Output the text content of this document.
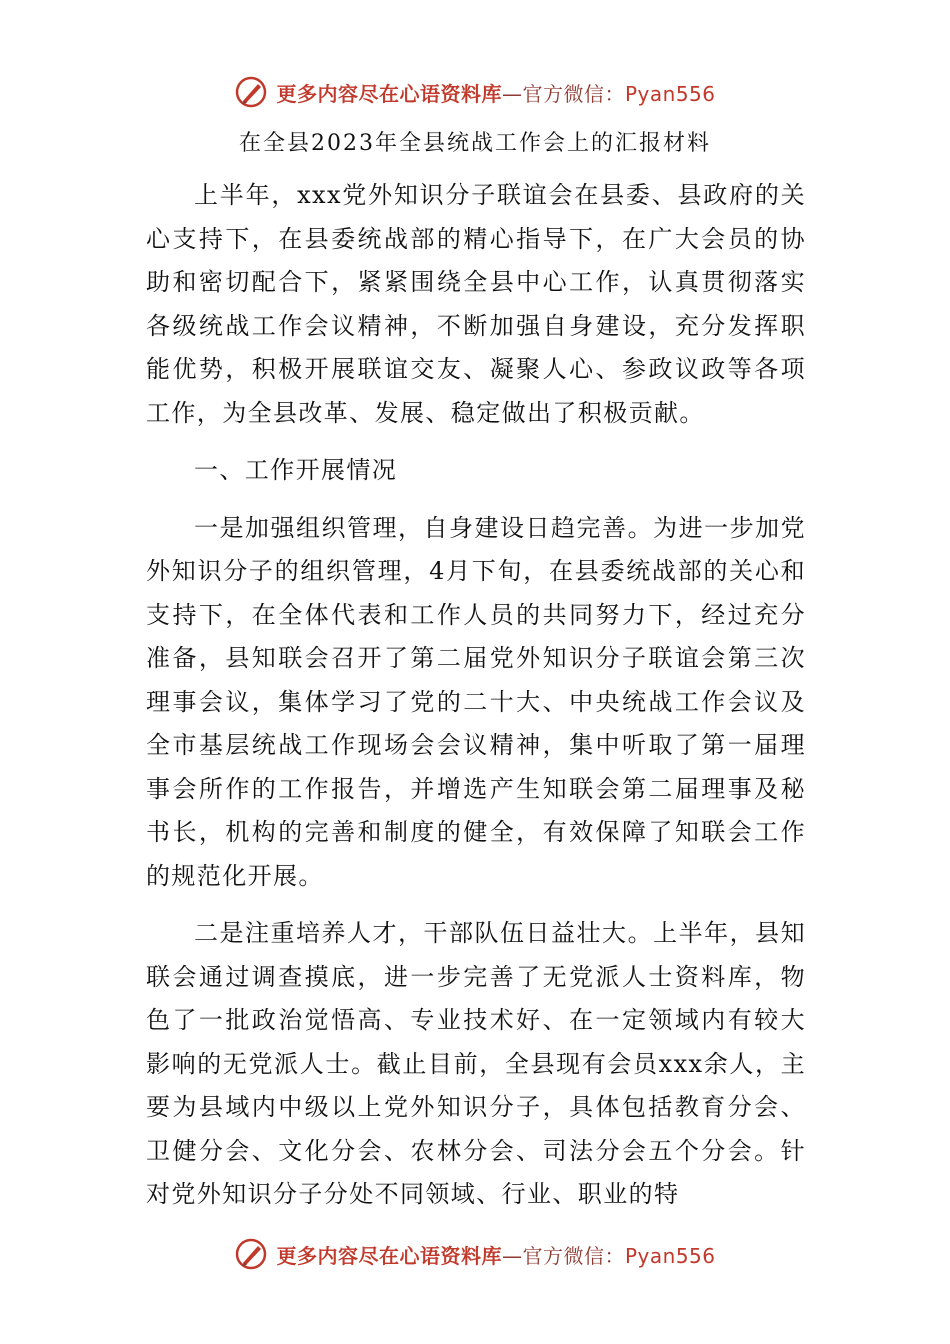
更多内容尽在心语资料库—官方微信：Pyan556
在全县2023年全县统战工作会上的汇报材料

上半年，xxx党外知识分子联谊会在县委、县政府的关心支持下，在县委统战部的精心指导下，在广大会员的协助和密切配合下，紧紧围绕全县中心工作，认真贯彻落实各级统战工作会议精神，不断加强自身建设，充分发挥职能优势，积极开展联谊交友、凝聚人心、参政议政等各项工作，为全县改革、发展、稳定做出了积极贡献。

一、工作开展情况

一是加强组织管理，自身建设日趋完善。为进一步加党外知识分子的组织管理，4月下旬，在县委统战部的关心和支持下，在全体代表和工作人员的共同努力下，经过充分准备，县知联会召开了第二届党外知识分子联谊会第三次理事会议，集体学习了党的二十大、中央统战工作会议及全市基层统战工作现场会会议精神，集中听取了第一届理事会所作的工作报告，并增选产生知联会第二届理事及秘书长，机构的完善和制度的健全，有效保障了知联会工作的规范化开展。

二是注重培养人才，干部队伍日益壮大。上半年，县知联会通过调查摸底，进一步完善了无党派人士资料库，物色了一批政治觉悟高、专业技术好、在一定领域内有较大影响的无党派人士。截止目前，全县现有会员xxx余人，主要为县域内中级以上党外知识分子，具体包括教育分会、卫健分会、文化分会、农林分会、司法分会五个分会。针对党外知识分子分处不同领域、行业、职业的特

更多内容尽在心语资料库—官方微信：Pyan556
